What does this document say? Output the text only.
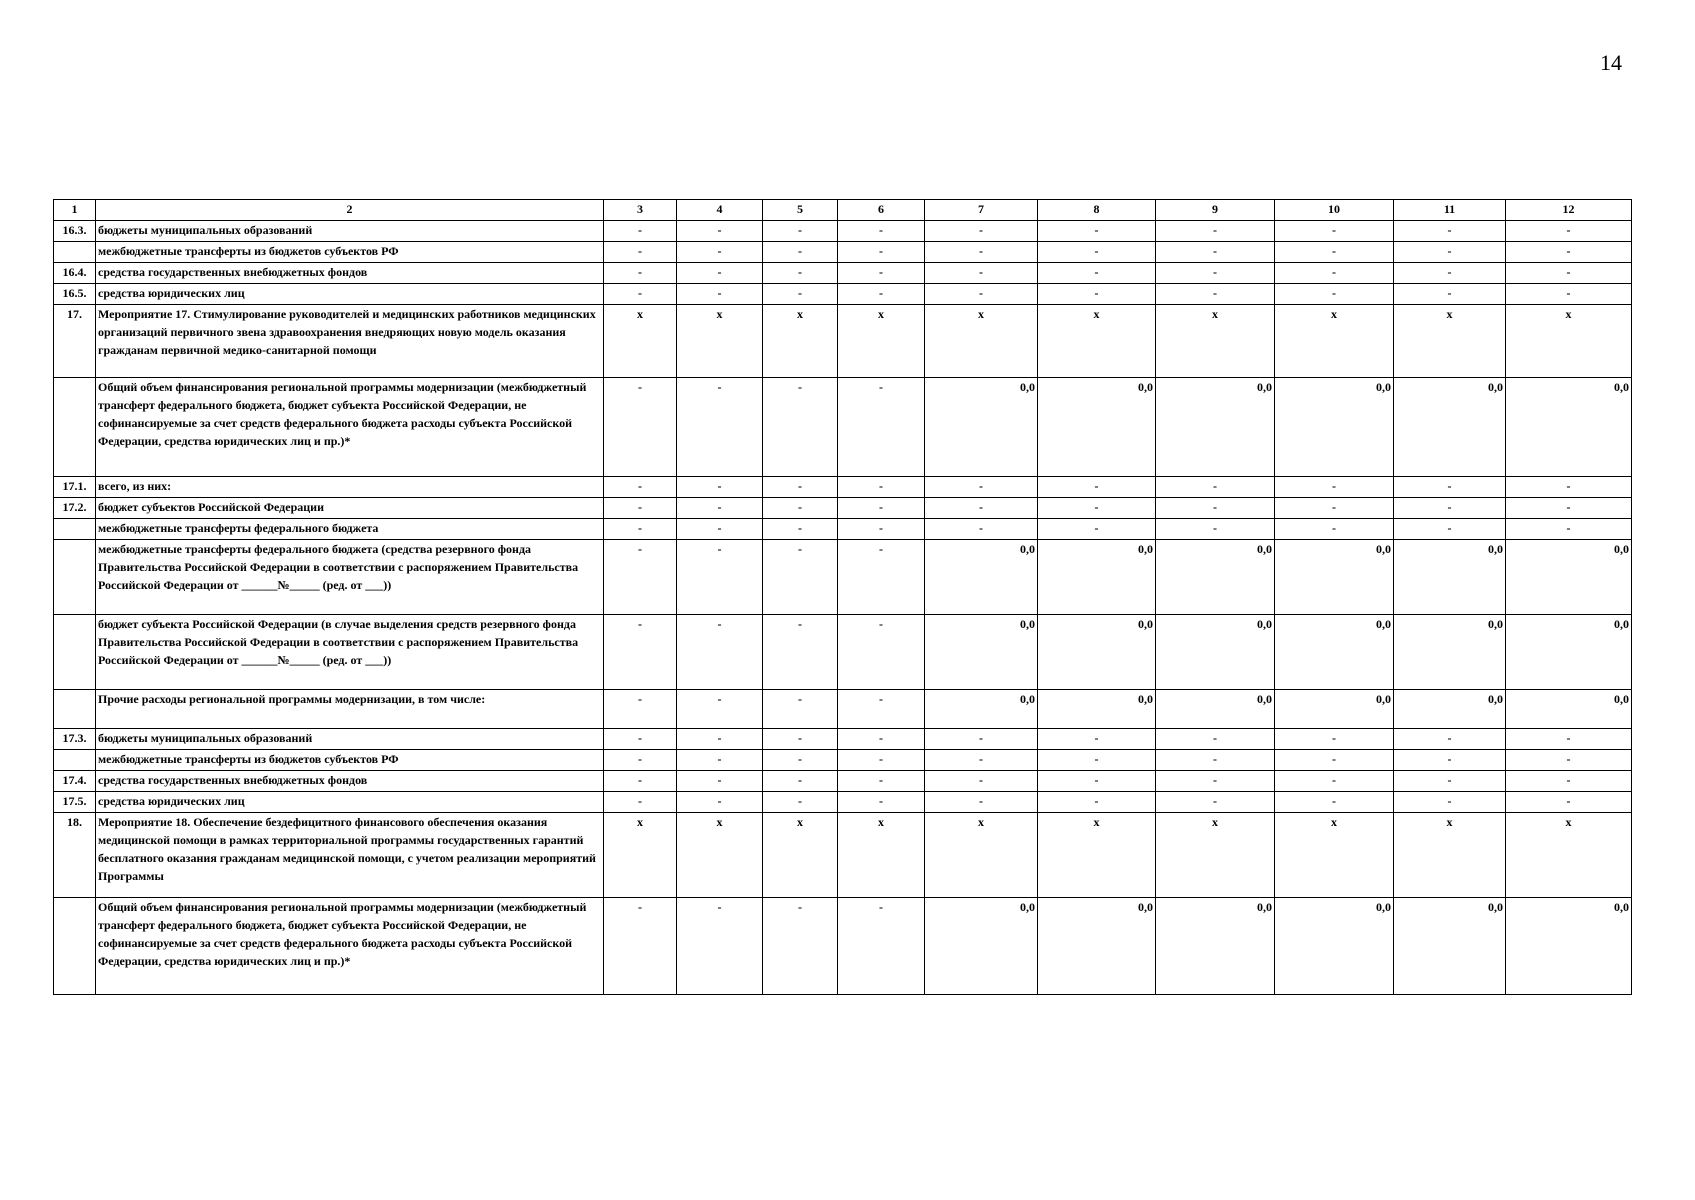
14
1	2	3	4	5	6	7	8	9	10	11	12
16.3.	бюджеты муниципальных образований	-	-	-	-	-	-	-	-	-	-
	межбюджетные трансферты из бюджетов субъектов РФ	-	-	-	-	-	-	-	-	-	-
16.4.	средства государственных внебюджетных фондов	-	-	-	-	-	-	-	-	-	-
16.5.	средства юридических лиц	-	-	-	-	-	-	-	-	-	-
17.	Мероприятие 17. Стимулирование руководителей и медицинских работников медицинских организаций первичного звена здравоохранения внедряющих новую модель оказания гражданам первичной медико-санитарной помощи	x	x	x	x	x	x	x	x	x	x
	Общий объем финансирования региональной программы модернизации (межбюджетный трансферт федерального бюджета, бюджет субъекта Российской Федерации, не софинансируемые за счет средств федерального бюджета расходы субъекта Российской Федерации, средства юридических лиц и пр.)*	-	-	-	-	0,0	0,0	0,0	0,0	0,0	0,0
17.1.	всего, из них:	-	-	-	-	-	-	-	-	-	-
17.2.	бюджет субъектов Российской Федерации	-	-	-	-	-	-	-	-	-	-
	межбюджетные трансферты федерального бюджета	-	-	-	-	-	-	-	-	-	-
	межбюджетные трансферты федерального бюджета (средства резервного фонда Правительства Российской Федерации в соответствии с распоряжением Правительства Российской Федерации от ______№_____ (ред. от ___))	-	-	-	-	0,0	0,0	0,0	0,0	0,0	0,0
	бюджет субъекта Российской Федерации (в случае выделения средств резервного фонда Правительства Российской Федерации в соответствии с распоряжением Правительства Российской Федерации от ______№_____ (ред. от ___))	-	-	-	-	0,0	0,0	0,0	0,0	0,0	0,0
	Прочие расходы региональной программы модернизации, в том числе:	-	-	-	-	0,0	0,0	0,0	0,0	0,0	0,0
17.3.	бюджеты муниципальных образований	-	-	-	-	-	-	-	-	-	-
	межбюджетные трансферты из бюджетов субъектов РФ	-	-	-	-	-	-	-	-	-	-
17.4.	средства государственных внебюджетных фондов	-	-	-	-	-	-	-	-	-	-
17.5.	средства юридических лиц	-	-	-	-	-	-	-	-	-	-
18.	Мероприятие 18. Обеспечение бездефицитного финансового обеспечения оказания медицинской помощи в рамках территориальной программы государственных гарантий бесплатного оказания гражданам медицинской помощи, с учетом реализации мероприятий Программы	x	x	x	x	x	x	x	x	x	x
	Общий объем финансирования региональной программы модернизации (межбюджетный трансферт федерального бюджета, бюджет субъекта Российской Федерации, не софинансируемые за счет средств федерального бюджета расходы субъекта Российской Федерации, средства юридических лиц и пр.)*	-	-	-	-	0,0	0,0	0,0	0,0	0,0	0,0
